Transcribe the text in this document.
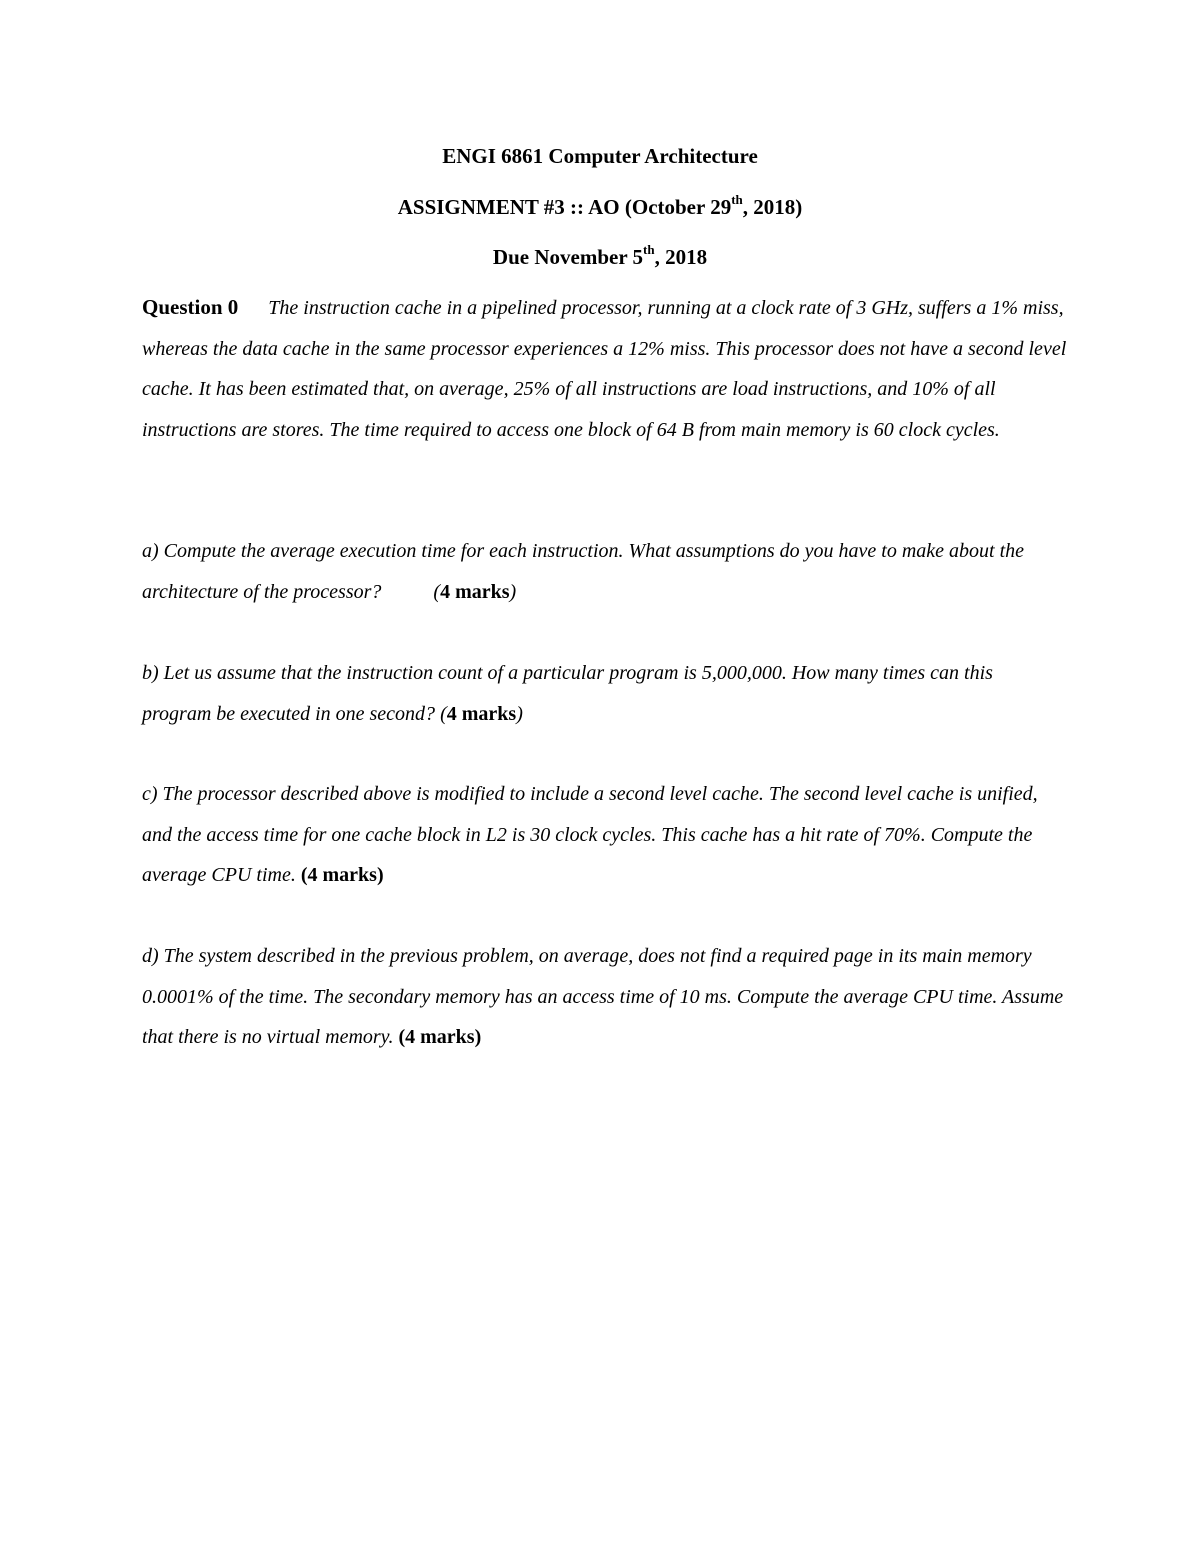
ENGI 6861 Computer Architecture
ASSIGNMENT #3 :: AO (October 29th, 2018)
Due November 5th, 2018
Question 0 The instruction cache in a pipelined processor, running at a clock rate of 3 GHz, suffers a 1% miss, whereas the data cache in the same processor experiences a 12% miss. This processor does not have a second level cache. It has been estimated that, on average, 25% of all instructions are load instructions, and 10% of all instructions are stores. The time required to access one block of 64 B from main memory is 60 clock cycles.
a) Compute the average execution time for each instruction. What assumptions do you have to make about the architecture of the processor?	(4 marks)
b) Let us assume that the instruction count of a particular program is 5,000,000. How many times can this program be executed in one second? (4 marks)
c) The processor described above is modified to include a second level cache. The second level cache is unified, and the access time for one cache block in L2 is 30 clock cycles. This cache has a hit rate of 70%. Compute the average CPU time. (4 marks)
d) The system described in the previous problem, on average, does not find a required page in its main memory 0.0001% of the time. The secondary memory has an access time of 10 ms. Compute the average CPU time. Assume that there is no virtual memory. (4 marks)
